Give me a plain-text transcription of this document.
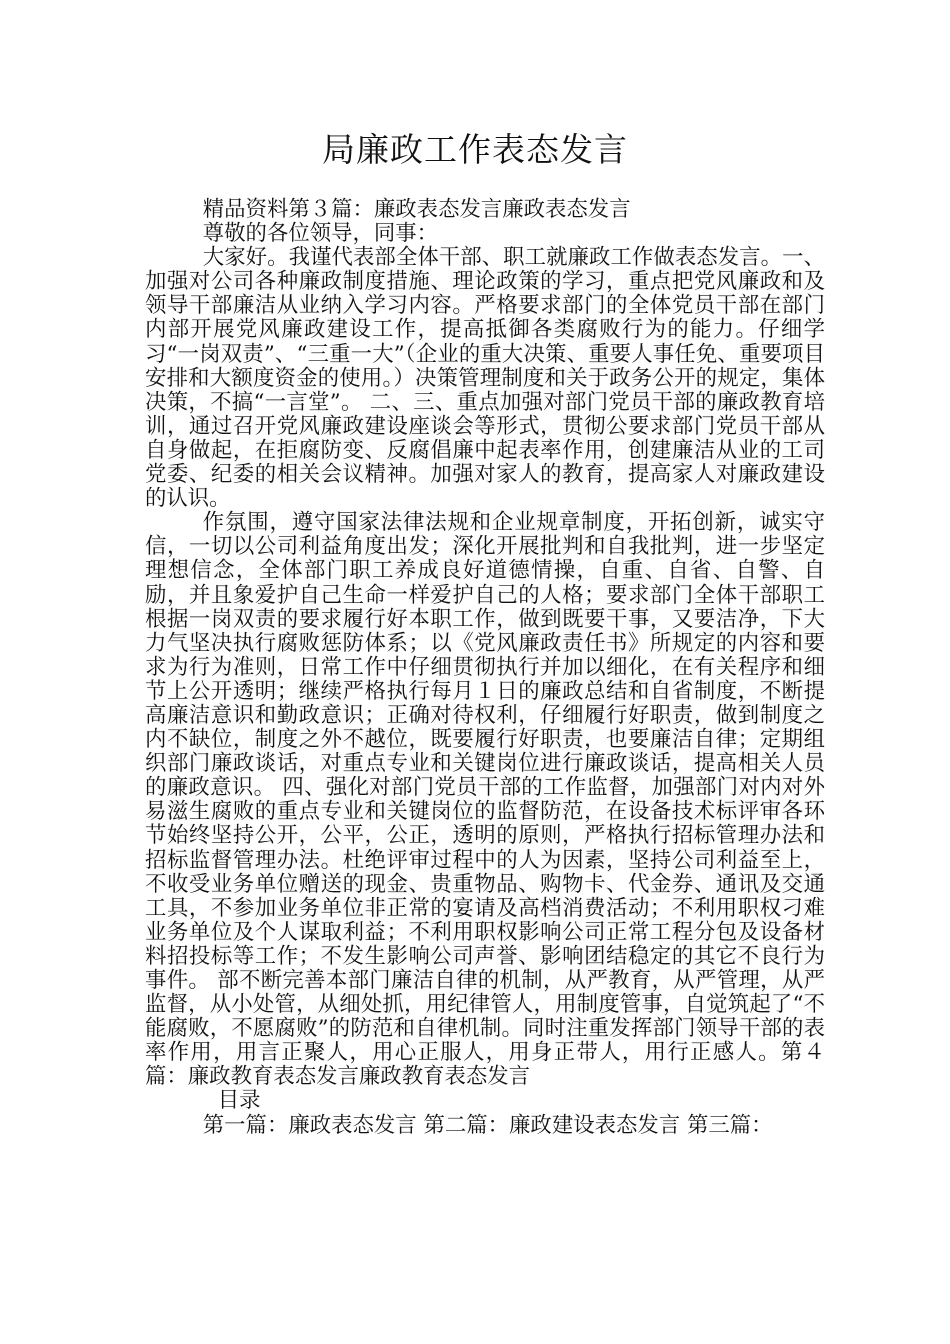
局廉政工作表态发言

精品资料第３篇：廉政表态发言廉政表态发言

尊敬的各位领导，同事：

大家好。我谨代表部全体干部、职工就廉政工作做表态发言。一、加强对公司各种廉政制度措施、理论政策的学习，重点把党风廉政和及领导干部廉洁从业纳入学习内容。严格要求部门的全体党员干部在部门内部开展党风廉政建设工作，提高抵御各类腐败行为的能力。仔细学习“一岗双责”、“三重一大”（企业的重大决策、重要人事任免、重要项目安排和大额度资金的使用。）决策管理制度和关于政务公开的规定，集体决策，不搞“一言堂”。 二、三、重点加强对部门党员干部的廉政教育培训，通过召开党风廉政建设座谈会等形式，贯彻公要求部门党员干部从自身做起，在拒腐防变、反腐倡廉中起表率作用，创建廉洁从业的工司党委、纪委的相关会议精神。加强对家人的教育，提高家人对廉政建设的认识。

作氛围，遵守国家法律法规和企业规章制度，开拓创新，诚实守信，一切以公司利益角度出发；深化开展批判和自我批判，进一步坚定理想信念，全体部门职工养成良好道德情操，自重、自省、自警、自励，并且象爱护自己生命一样爱护自己的人格；要求部门全体干部职工根据一岗双责的要求履行好本职工作，做到既要干事，又要洁净，下大力气坚决执行腐败惩防体系；以《党风廉政责任书》所规定的内容和要求为行为准则，日常工作中仔细贯彻执行并加以细化，在有关程序和细节上公开透明；继续严格执行每月１日的廉政总结和自省制度，不断提高廉洁意识和勤政意识；正确对待权利，仔细履行好职责，做到制度之内不缺位，制度之外不越位，既要履行好职责，也要廉洁自律；定期组织部门廉政谈话，对重点专业和关键岗位进行廉政谈话，提高相关人员的廉政意识。 四、强化对部门党员干部的工作监督，加强部门对内对外易滋生腐败的重点专业和关键岗位的监督防范，在设备技术标评审各环节始终坚持公开，公平，公正，透明的原则，严格执行招标管理办法和招标监督管理办法。杜绝评审过程中的人为因素，坚持公司利益至上，不收受业务单位赠送的现金、贵重物品、购物卡、代金券、通讯及交通工具，不参加业务单位非正常的宴请及高档消费活动；不利用职权刁难业务单位及个人谋取利益；不利用职权影响公司正常工程分包及设备材料招投标等工作；不发生影响公司声誉、影响团结稳定的其它不良行为事件。 部不断完善本部门廉洁自律的机制，从严教育，从严管理，从严监督，从小处管，从细处抓，用纪律管人，用制度管事，自觉筑起了“不能腐败，不愿腐败”的防范和自律机制。同时注重发挥部门领导干部的表率作用，用言正聚人，用心正服人，用身正带人，用行正感人。第４篇：廉政教育表态发言廉政教育表态发言

目录

第一篇：廉政表态发言 第二篇：廉政建设表态发言 第三篇：
